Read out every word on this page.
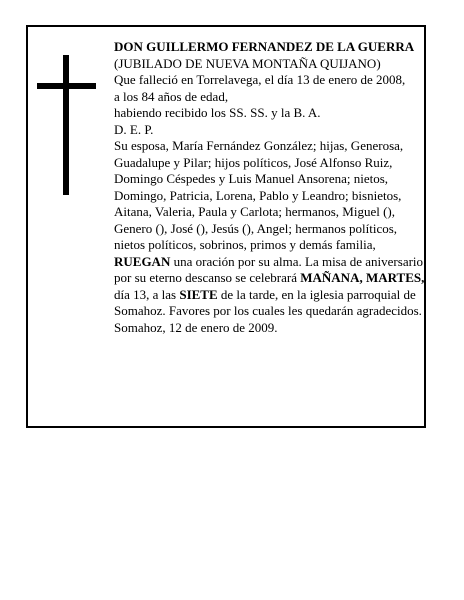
DON GUILLERMO FERNANDEZ DE LA GUERRA

(JUBILADO DE NUEVA MONTAÑA QUIJANO)

Que falleció en Torrelavega, el día 13 de enero de 2008,

a los 84 años de edad,

habiendo recibido los SS. SS. y la B. A.

D. E. P.

Su esposa, María Fernández González; hijas, Generosa, Guadalupe y Pilar; hijos políticos, José Alfonso Ruiz, Domingo Céspedes y Luis Manuel Ansorena; nietos, Domingo, Patricia, Lorena, Pablo y Leandro; bisnietos, Aitana, Valeria, Paula y Carlota; hermanos, Miguel (), Genero (), José (), Jesús (), Angel; hermanos políticos, nietos políticos, sobrinos, primos y demás familia,

RUEGAN una oración por su alma. La misa de aniversario por su eterno descanso se celebrará MAÑANA, MARTES, día 13, a las SIETE de la tarde, en la iglesia parroquial de Somahoz. Favores por los cuales les quedarán agradecidos.

Somahoz, 12 de enero de 2009.
